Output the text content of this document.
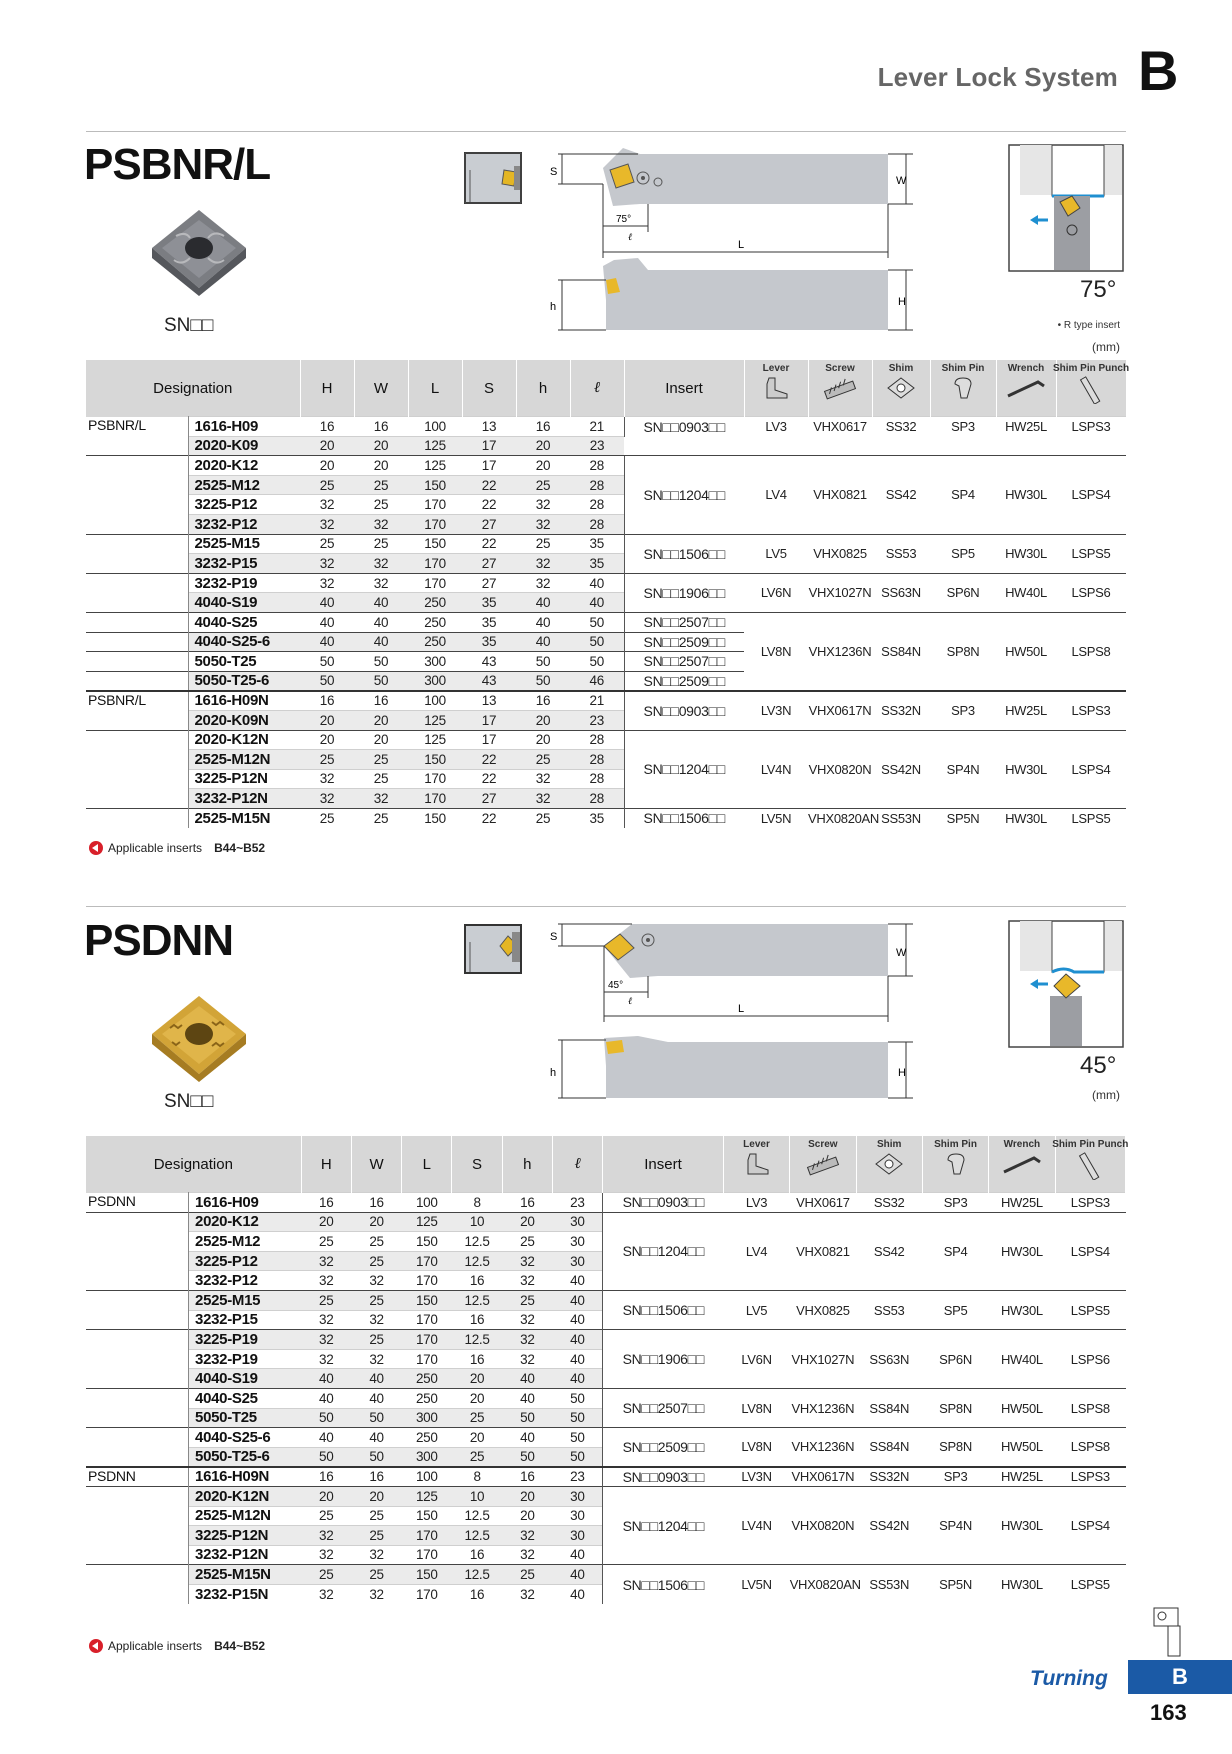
Lever Lock System B
PSBNR/L
SN□□
S
W
L
75°
ℓ
h	H	75°
• R type insert
(mm)
Designation		H	W	L	S	h	ℓ	Insert	Lever	Screw	Shim	Shim Pin	Wrench	Shim Pin Punch

PSBNR/L	1616-H09	16	16	100	13	16	21	SN□□0903□□	LV3	VHX0617	SS32	SP3	HW25L	LSPS3
	2020-K09	20	20	125	17	20	23							
	2020-K12	20	20	125	17	20	28	SN□□1204□□	LV4	VHX0821	SS42	SP4	HW30L	LSPS4
	2525-M12	25	25	150	22	25	28							
	3225-P12	32	25	170	22	32	28							
	3232-P12	32	32	170	27	32	28							
	2525-M15	25	25	150	22	25	35	SN□□1506□□	LV5	VHX0825	SS53	SP5	HW30L	LSPS5
	3232-P15	32	32	170	27	32	35							
	3232-P19	32	32	170	27	32	40	SN□□1906□□	LV6N	VHX1027N	SS63N	SP6N	HW40L	LSPS6
	4040-S19	40	40	250	35	40	40							
	4040-S25	40	40	250	35	40	50	SN□□2507□□	LV8N	VHX1236N	SS84N	SP8N	HW50L	LSPS8
	4040-S25-6	40	40	250	35	40	50	SN□□2509□□						
	5050-T25	50	50	300	43	50	50	SN□□2507□□						
	5050-T25-6	50	50	300	43	50	46	SN□□2509□□						
PSBNR/L	1616-H09N	16	16	100	13	16	21	SN□□0903□□	LV3N	VHX0617N	SS32N	SP3	HW25L	LSPS3
	2020-K09N	20	20	125	17	20	23							
	2020-K12N	20	20	125	17	20	28	SN□□1204□□	LV4N	VHX0820N	SS42N	SP4N	HW30L	LSPS4
	2525-M12N	25	25	150	22	25	28							
	3225-P12N	32	25	170	22	32	28							
	3232-P12N	32	32	170	27	32	28							
	2525-M15N	25	25	150	22	25	35	SN□□1506□□	LV5N	VHX0820AN	SS53N	SP5N	HW30L	LSPS5
Applicable inserts B44~B52
PSDNN
SN□□
S
W
L
45°
ℓ
h	H	45°
(mm)
Designation		H	W	L	S	h	ℓ	Insert	Lever	Screw	Shim	Shim Pin	Wrench	Shim Pin Punch

PSDNN	1616-H09	16	16	100	8	16	23	SN□□0903□□	LV3	VHX0617	SS32	SP3	HW25L	LSPS3
	2020-K12	20	20	125	10	20	30	SN□□1204□□	LV4	VHX0821	SS42	SP4	HW30L	LSPS4
	2525-M12	25	25	150	12.5	25	30							
	3225-P12	32	25	170	12.5	32	30							
	3232-P12	32	32	170	16	32	40							
	2525-M15	25	25	150	12.5	25	40	SN□□1506□□	LV5	VHX0825	SS53	SP5	HW30L	LSPS5
	3232-P15	32	32	170	16	32	40							
	3225-P19	32	25	170	12.5	32	40	SN□□1906□□	LV6N	VHX1027N	SS63N	SP6N	HW40L	LSPS6
	3232-P19	32	32	170	16	32	40							
	4040-S19	40	40	250	20	40	40							
	4040-S25	40	40	250	20	40	50	SN□□2507□□	LV8N	VHX1236N	SS84N	SP8N	HW50L	LSPS8
	5050-T25	50	50	300	25	50	50							
	4040-S25-6	40	40	250	20	40	50	SN□□2509□□	LV8N	VHX1236N	SS84N	SP8N	HW50L	LSPS8
	5050-T25-6	50	50	300	25	50	50							
PSDNN	1616-H09N	16	16	100	8	16	23	SN□□0903□□	LV3N	VHX0617N	SS32N	SP3	HW25L	LSPS3
	2020-K12N	20	20	125	10	20	30	SN□□1204□□	LV4N	VHX0820N	SS42N	SP4N	HW30L	LSPS4
	2525-M12N	25	25	150	12.5	20	30							
	3225-P12N	32	25	170	12.5	32	30							
	3232-P12N	32	32	170	16	32	40							
	2525-M15N	25	25	150	12.5	25	40	SN□□1506□□	LV5N	VHX0820AN	SS53N	SP5N	HW30L	LSPS5
	3232-P15N	32	32	170	16	32	40							
Applicable inserts B44~B52
Turning	B
163
